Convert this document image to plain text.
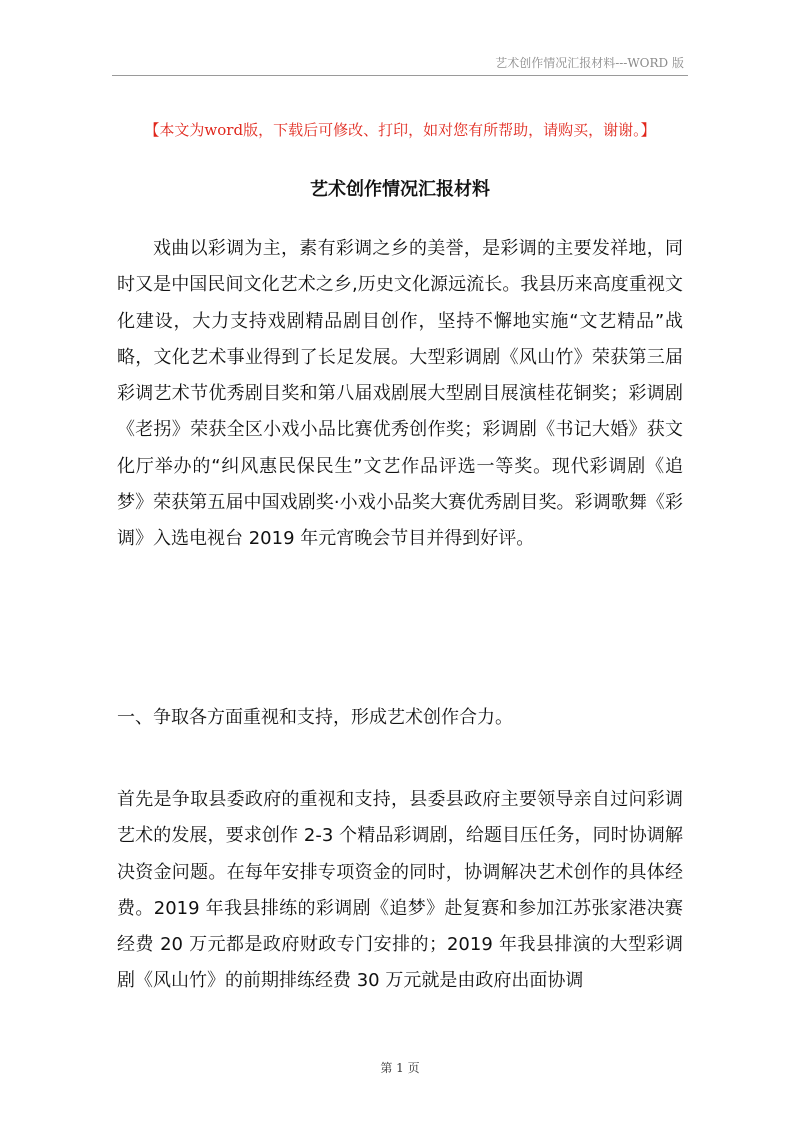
艺术创作情况汇报材料---WORD 版
【本文为word版，下载后可修改、打印，如对您有所帮助，请购买，谢谢。】
艺术创作情况汇报材料

戏曲以彩调为主，素有彩调之乡的美誉，是彩调的主要发祥地，同时又是中国民间文化艺术之乡,历史文化源远流长。我县历来高度重视文化建设，大力支持戏剧精品剧目创作，坚持不懈地实施“文艺精品”战略，文化艺术事业得到了长足发展。大型彩调剧《风山竹》荣获第三届彩调艺术节优秀剧目奖和第八届戏剧展大型剧目展演桂花铜奖；彩调剧《老拐》荣获全区小戏小品比赛优秀创作奖；彩调剧《书记大婚》获文化厅举办的“纠风惠民保民生”文艺作品评选一等奖。现代彩调剧《追梦》荣获第五届中国戏剧奖·小戏小品奖大赛优秀剧目奖。彩调歌舞《彩调》入选电视台 2019 年元宵晚会节目并得到好评。

一、争取各方面重视和支持，形成艺术创作合力。

首先是争取县委政府的重视和支持，县委县政府主要领导亲自过问彩调艺术的发展，要求创作 2-3 个精品彩调剧，给题目压任务，同时协调解决资金问题。在每年安排专项资金的同时，协调解决艺术创作的具体经费。2019 年我县排练的彩调剧《追梦》赴复赛和参加江苏张家港决赛经费 20 万元都是政府财政专门安排的；2019 年我县排演的大型彩调剧《风山竹》的前期排练经费 30 万元就是由政府出面协调

第 1 页
